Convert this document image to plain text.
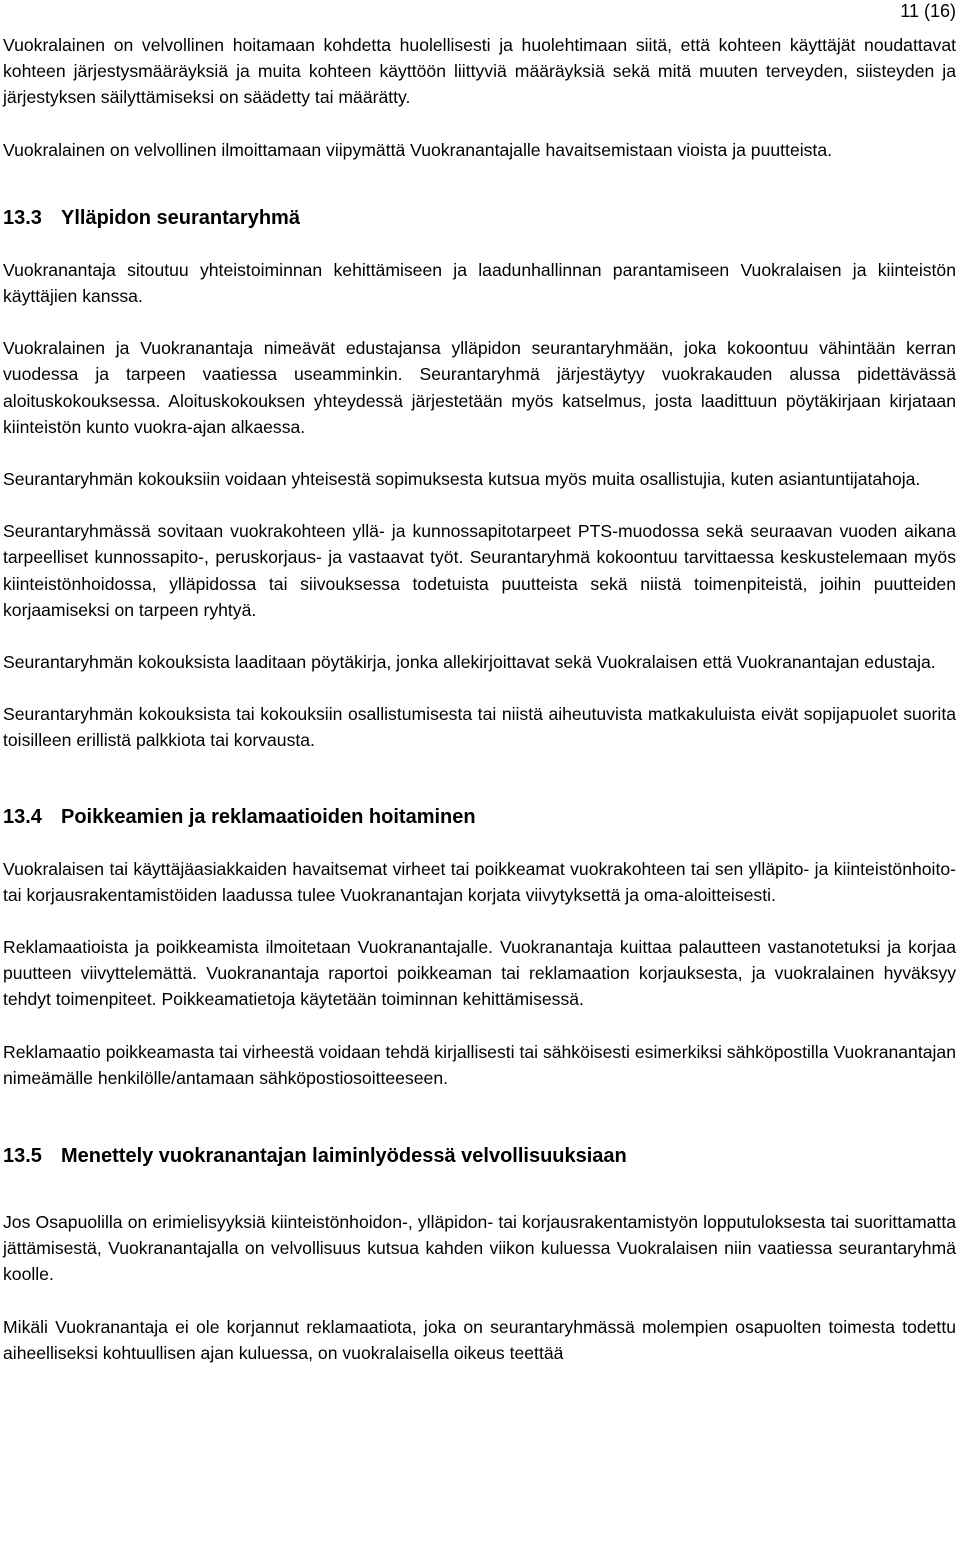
11 (16)

Vuokralainen on velvollinen hoitamaan kohdetta huolellisesti ja huolehtimaan siitä, että kohteen käyttäjät noudattavat kohteen järjestysmääräyksiä ja muita kohteen käyttöön liittyviä määräyksiä sekä mitä muuten terveyden, siisteyden ja järjestyksen säilyttämiseksi on säädetty tai määrätty.

Vuokralainen on velvollinen ilmoittamaan viipymättä Vuokranantajalle havaitsemistaan vioista ja puutteista.

13.3 Ylläpidon seurantaryhmä

Vuokranantaja sitoutuu yhteistoiminnan kehittämiseen ja laadunhallinnan parantamiseen Vuokralaisen ja kiinteistön käyttäjien kanssa.

Vuokralainen ja Vuokranantaja nimeävät edustajansa ylläpidon seurantaryhmään, joka kokoontuu vähintään kerran vuodessa ja tarpeen vaatiessa useamminkin. Seurantaryhmä järjestäytyy vuokrakauden alussa pidettävässä aloituskokouksessa. Aloituskokouksen yhteydessä järjestetään myös katselmus, josta laadittuun pöytäkirjaan kirjataan kiinteistön kunto vuokra-ajan alkaessa.

Seurantaryhmän kokouksiin voidaan yhteisestä sopimuksesta kutsua myös muita osallistujia, kuten asiantuntijatahoja.

Seurantaryhmässä sovitaan vuokrakohteen yllä- ja kunnossapitotarpeet PTS-muodossa sekä seuraavan vuoden aikana tarpeelliset kunnossapito-, peruskorjaus- ja vastaavat työt. Seurantaryhmä kokoontuu tarvittaessa keskustelemaan myös kiinteistönhoidossa, ylläpidossa tai siivouksessa todetuista puutteista sekä niistä toimenpiteistä, joihin puutteiden korjaamiseksi on tarpeen ryhtyä.

Seurantaryhmän kokouksista laaditaan pöytäkirja, jonka allekirjoittavat sekä Vuokralaisen että Vuokranantajan edustaja.

Seurantaryhmän kokouksista tai kokouksiin osallistumisesta tai niistä aiheutuvista matkakuluista eivät sopijapuolet suorita toisilleen erillistä palkkiota tai korvausta.

13.4 Poikkeamien ja reklamaatioiden hoitaminen

Vuokralaisen tai käyttäjäasiakkaiden havaitsemat virheet tai poikkeamat vuokrakohteen tai sen ylläpito- ja kiinteistönhoito- tai korjausrakentamistöiden laadussa tulee Vuokranantajan korjata viivytyksettä ja oma-aloitteisesti.

Reklamaatioista ja poikkeamista ilmoitetaan Vuokranantajalle. Vuokranantaja kuittaa palautteen vastanotetuksi ja korjaa puutteen viivyttelemättä. Vuokranantaja raportoi poikkeaman tai reklamaation korjauksesta, ja vuokralainen hyväksyy tehdyt toimenpiteet. Poikkeamatietoja käytetään toiminnan kehittämisessä.

Reklamaatio poikkeamasta tai virheestä voidaan tehdä kirjallisesti tai sähköisesti esimerkiksi sähköpostilla Vuokranantajan nimeämälle henkilölle/antamaan sähköpostiosoitteeseen.

13.5 Menettely vuokranantajan laiminlyödessä velvollisuuksiaan

Jos Osapuolilla on erimielisyyksiä kiinteistönhoidon-, ylläpidon- tai korjausrakentamistyön lopputuloksesta tai suorittamatta jättämisestä, Vuokranantajalla on velvollisuus kutsua kahden viikon kuluessa Vuokralaisen niin vaatiessa seurantaryhmä koolle.

Mikäli Vuokranantaja ei ole korjannut reklamaatiota, joka on seurantaryhmässä molempien osapuolten toimesta todettu aiheelliseksi kohtuullisen ajan kuluessa, on vuokralaisella oikeus teettää
